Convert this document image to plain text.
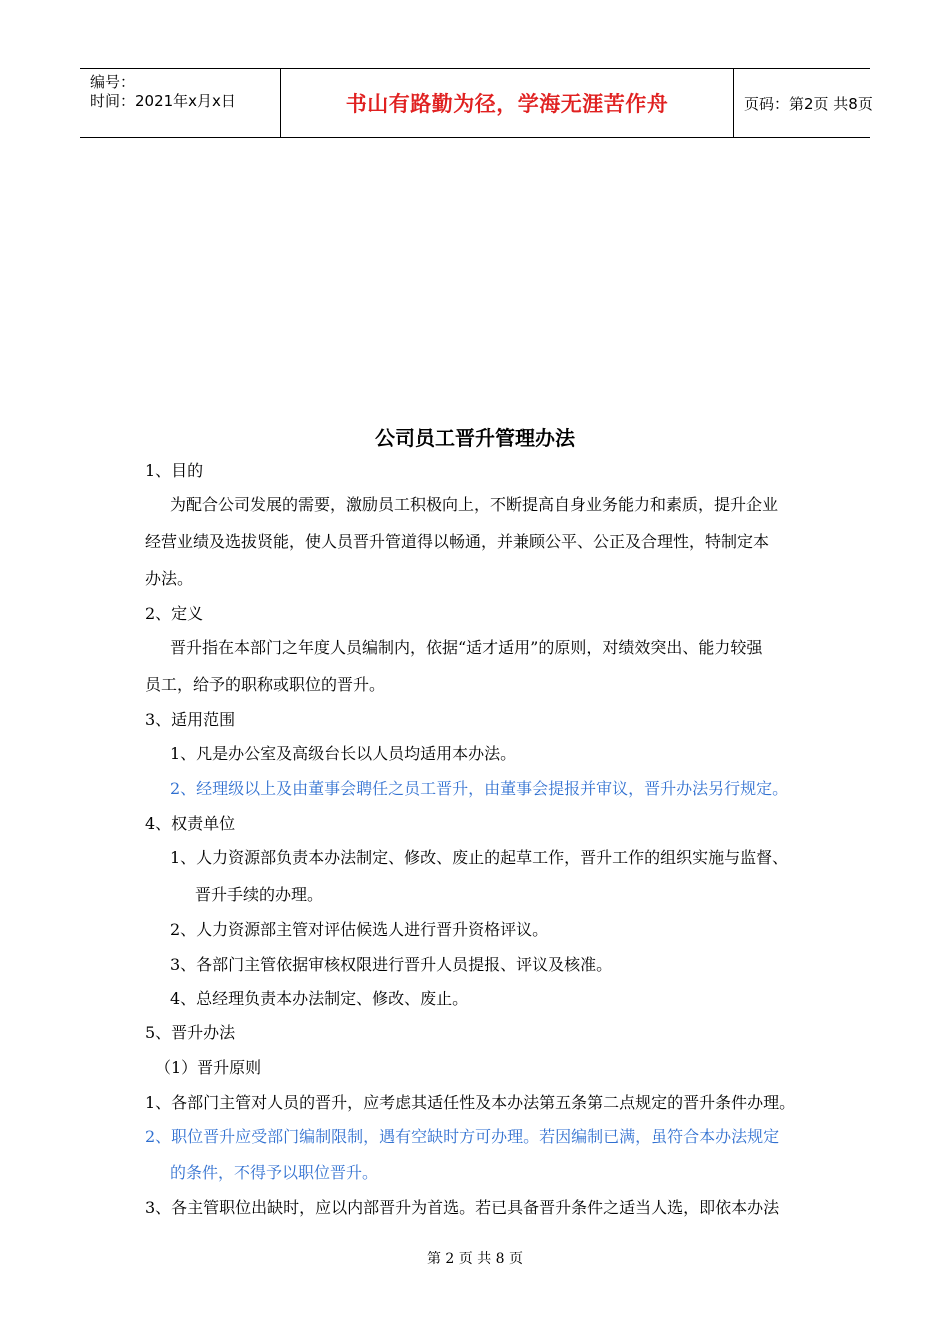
编号：
时间：2021年x月x日	书山有路勤为径，学海无涯苦作舟	页码：第2页 共8页
公司员工晋升管理办法
1、目的
为配合公司发展的需要，激励员工积极向上，不断提高自身业务能力和素质，提升企业
经营业绩及选拔贤能，使人员晋升管道得以畅通，并兼顾公平、公正及合理性，特制定本
办法。
2、定义
晋升指在本部门之年度人员编制内，依据“适才适用”的原则，对绩效突出、能力较强
员工，给予的职称或职位的晋升。
3、适用范围
1、凡是办公室及高级台长以人员均适用本办法。
2、经理级以上及由董事会聘任之员工晋升，由董事会提报并审议，晋升办法另行规定。
4、权责单位
1、人力资源部负责本办法制定、修改、废止的起草工作，晋升工作的组织实施与监督、
晋升手续的办理。
2、人力资源部主管对评估候选人进行晋升资格评议。
3、各部门主管依据审核权限进行晋升人员提报、评议及核准。
4、总经理负责本办法制定、修改、废止。
5、晋升办法
（1）晋升原则
1、各部门主管对人员的晋升，应考虑其适任性及本办法第五条第二点规定的晋升条件办理。
2、职位晋升应受部门编制限制，遇有空缺时方可办理。若因编制已满，虽符合本办法规定
的条件，不得予以职位晋升。
3、各主管职位出缺时，应以内部晋升为首选。若已具备晋升条件之适当人选，即依本办法
第 2 页 共 8 页
